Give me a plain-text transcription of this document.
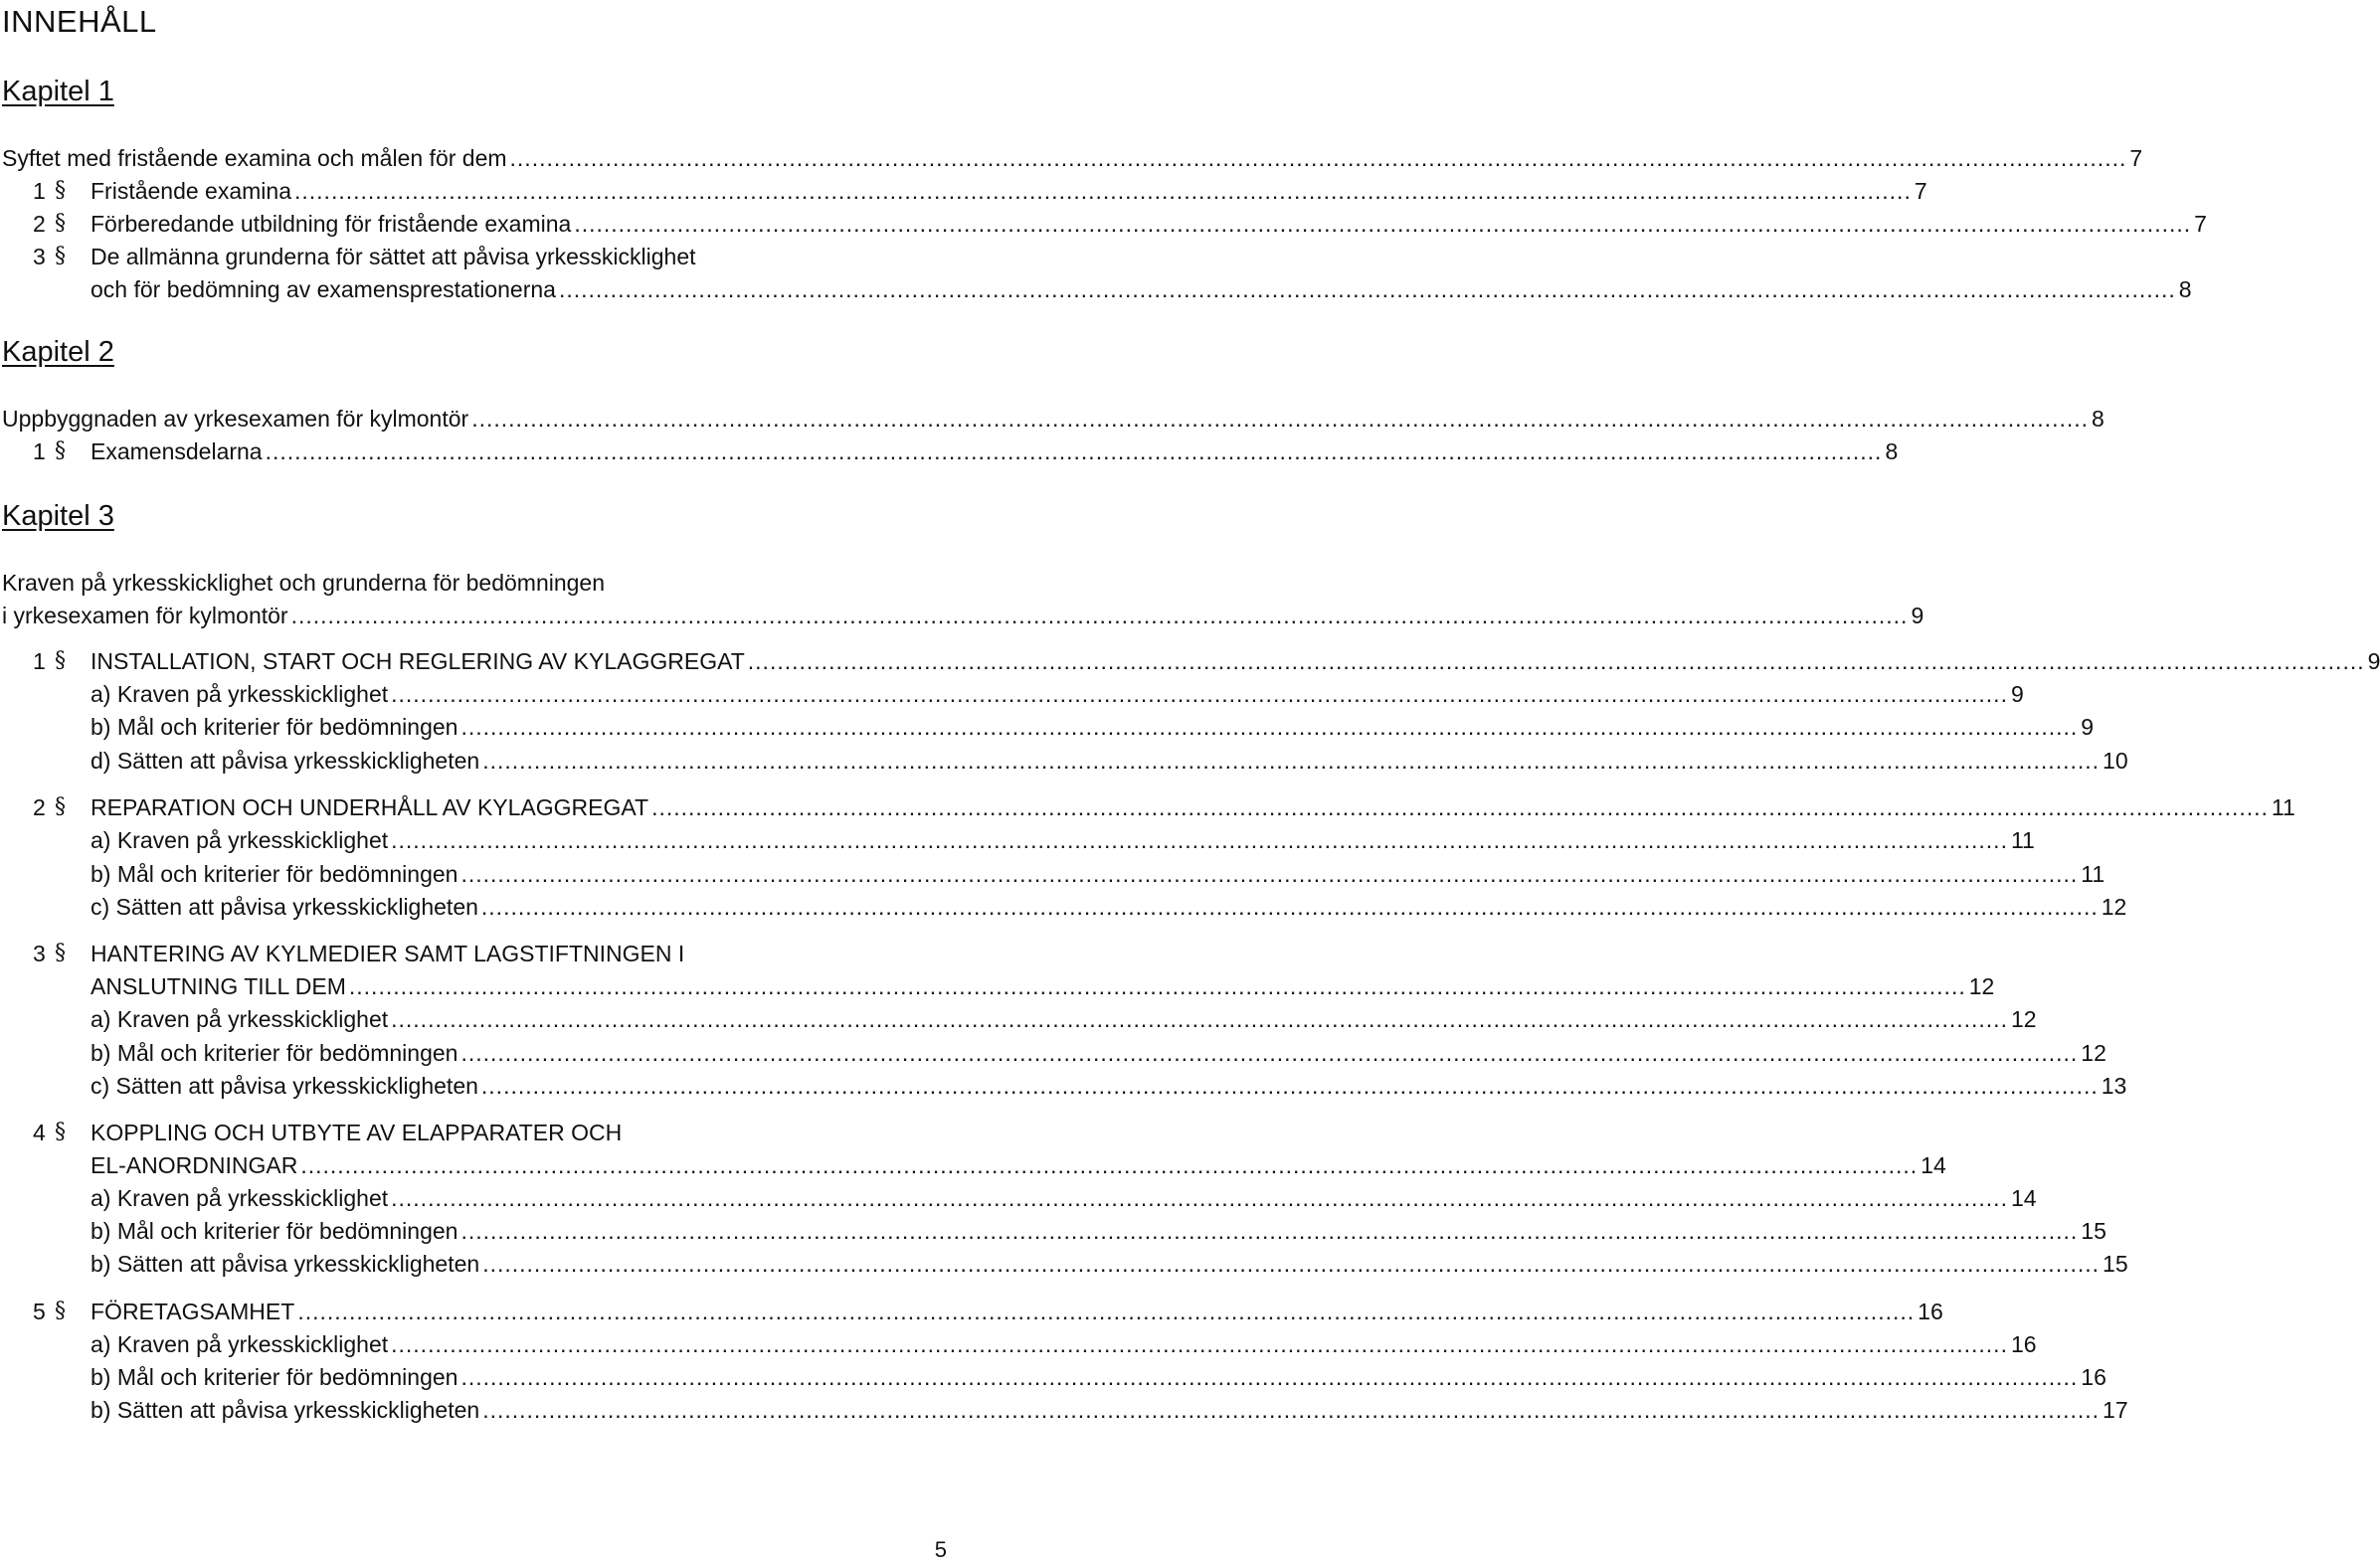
INNEHÅLL
Kapitel 1
Syftet med fristående examina och målen för dem ............................................................................................................................................................................................................................ 7
1 §	Fristående examina ............................................................................................................................................................................................................................ 7
2 §	Förberedande utbildning för fristående examina ............................................................................................................................................................................................................................ 7
3 §	De allmänna grunderna för sättet att påvisa yrkesskicklighet
och för bedömning av examensprestationerna ............................................................................................................................................................................................................................ 8
Kapitel 2
Uppbyggnaden av yrkesexamen för kylmontör ............................................................................................................................................................................................................................ 8
1 §	Examensdelarna ............................................................................................................................................................................................................................ 8
Kapitel 3
Kraven på yrkesskicklighet och grunderna för bedömningen
i yrkesexamen för kylmontör ............................................................................................................................................................................................................................ 9
1 §	INSTALLATION, START OCH REGLERING AV KYLAGGREGAT ............................................................................................................................................................................................................................ 9
a) Kraven på yrkesskicklighet ............................................................................................................................................................................................................................ 9
b) Mål och kriterier för bedömningen ............................................................................................................................................................................................................................ 9
d) Sätten att påvisa yrkesskickligheten ............................................................................................................................................................................................................................ 10
2 §	REPARATION OCH UNDERHÅLL AV KYLAGGREGAT ............................................................................................................................................................................................................................ 11
a) Kraven på yrkesskicklighet ............................................................................................................................................................................................................................ 11
b) Mål och kriterier för bedömningen ............................................................................................................................................................................................................................ 11
c) Sätten att påvisa yrkesskickligheten ............................................................................................................................................................................................................................ 12
3 §	HANTERING AV KYLMEDIER SAMT LAGSTIFTNINGEN I
ANSLUTNING TILL DEM ............................................................................................................................................................................................................................ 12
a) Kraven på yrkesskicklighet ............................................................................................................................................................................................................................ 12
b) Mål och kriterier för bedömningen ............................................................................................................................................................................................................................ 12
c) Sätten att påvisa yrkesskickligheten ............................................................................................................................................................................................................................ 13
4 §	KOPPLING OCH UTBYTE AV ELAPPARATER OCH
EL-ANORDNINGAR ............................................................................................................................................................................................................................ 14
a) Kraven på yrkesskicklighet ............................................................................................................................................................................................................................ 14
b) Mål och kriterier för bedömningen ............................................................................................................................................................................................................................ 15
b) Sätten att påvisa yrkesskickligheten ............................................................................................................................................................................................................................ 15
5 §	FÖRETAGSAMHET ............................................................................................................................................................................................................................ 16
a) Kraven på yrkesskicklighet ............................................................................................................................................................................................................................ 16
b) Mål och kriterier för bedömningen ............................................................................................................................................................................................................................ 16
b) Sätten att påvisa yrkesskickligheten ............................................................................................................................................................................................................................ 17
5
